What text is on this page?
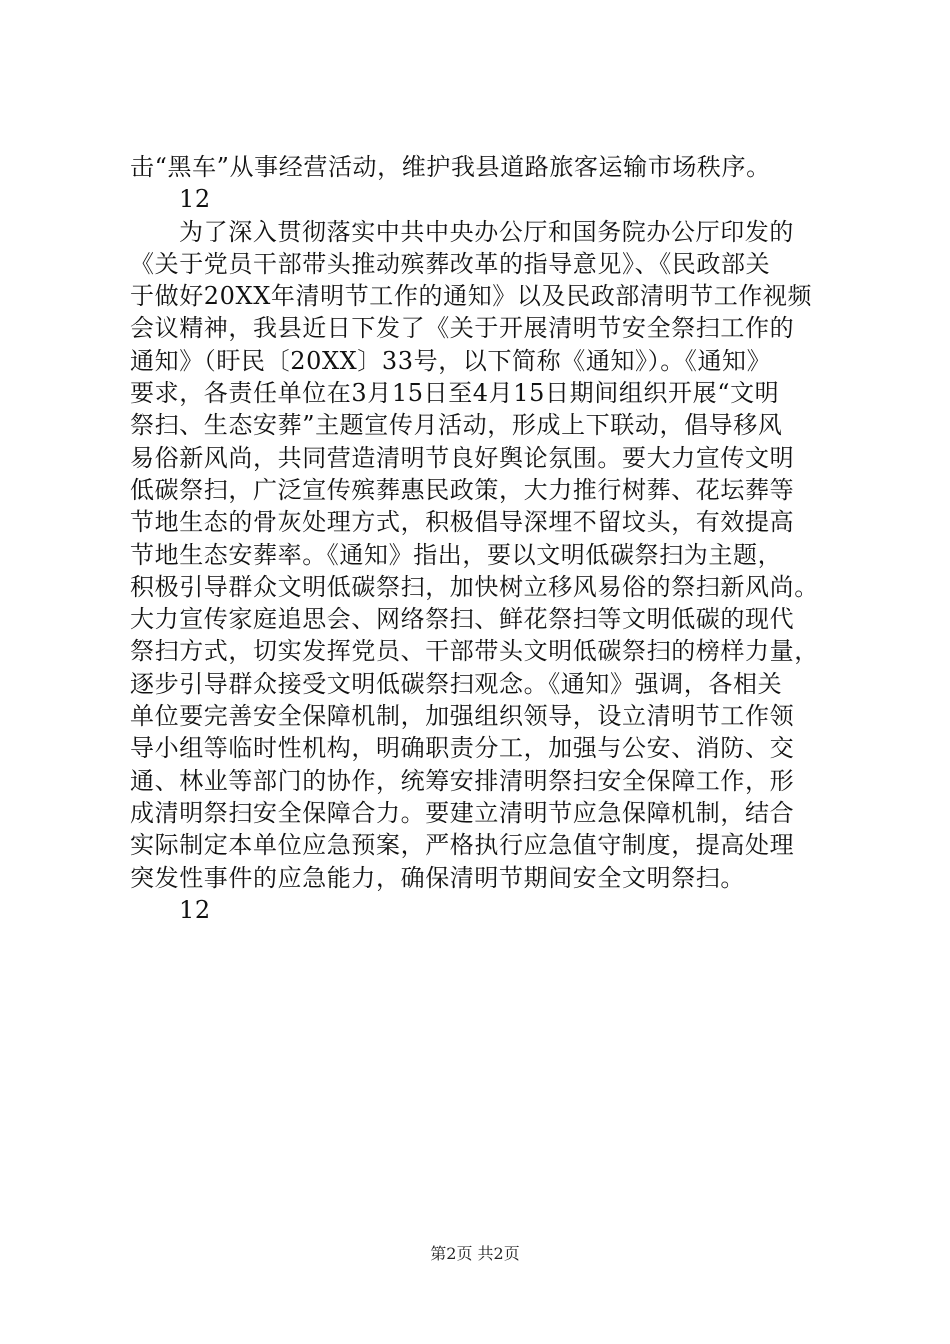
击“黑车”从事经营活动，维护我县道路旅客运输市场秩序。
12
为了深入贯彻落实中共中央办公厅和国务院办公厅印发的
《关于党员干部带头推动殡葬改革的指导意见》、《民政部关
于做好20XX年清明节工作的通知》以及民政部清明节工作视频
会议精神，我县近日下发了《关于开展清明节安全祭扫工作的
通知》（盱民〔20XX〕33号，以下简称《通知》）。《通知》
要求，各责任单位在3月15日至4月15日期间组织开展“文明
祭扫、生态安葬”主题宣传月活动，形成上下联动，倡导移风
易俗新风尚，共同营造清明节良好舆论氛围。要大力宣传文明
低碳祭扫，广泛宣传殡葬惠民政策，大力推行树葬、花坛葬等
节地生态的骨灰处理方式，积极倡导深埋不留坟头，有效提高
节地生态安葬率。《通知》指出，要以文明低碳祭扫为主题，
积极引导群众文明低碳祭扫，加快树立移风易俗的祭扫新风尚。
大力宣传家庭追思会、网络祭扫、鲜花祭扫等文明低碳的现代
祭扫方式，切实发挥党员、干部带头文明低碳祭扫的榜样力量，
逐步引导群众接受文明低碳祭扫观念。《通知》强调，各相关
单位要完善安全保障机制，加强组织领导，设立清明节工作领
导小组等临时性机构，明确职责分工，加强与公安、消防、交
通、林业等部门的协作，统筹安排清明祭扫安全保障工作，形
成清明祭扫安全保障合力。要建立清明节应急保障机制，结合
实际制定本单位应急预案，严格执行应急值守制度，提高处理
突发性事件的应急能力，确保清明节期间安全文明祭扫。
12
第2页 共2页
